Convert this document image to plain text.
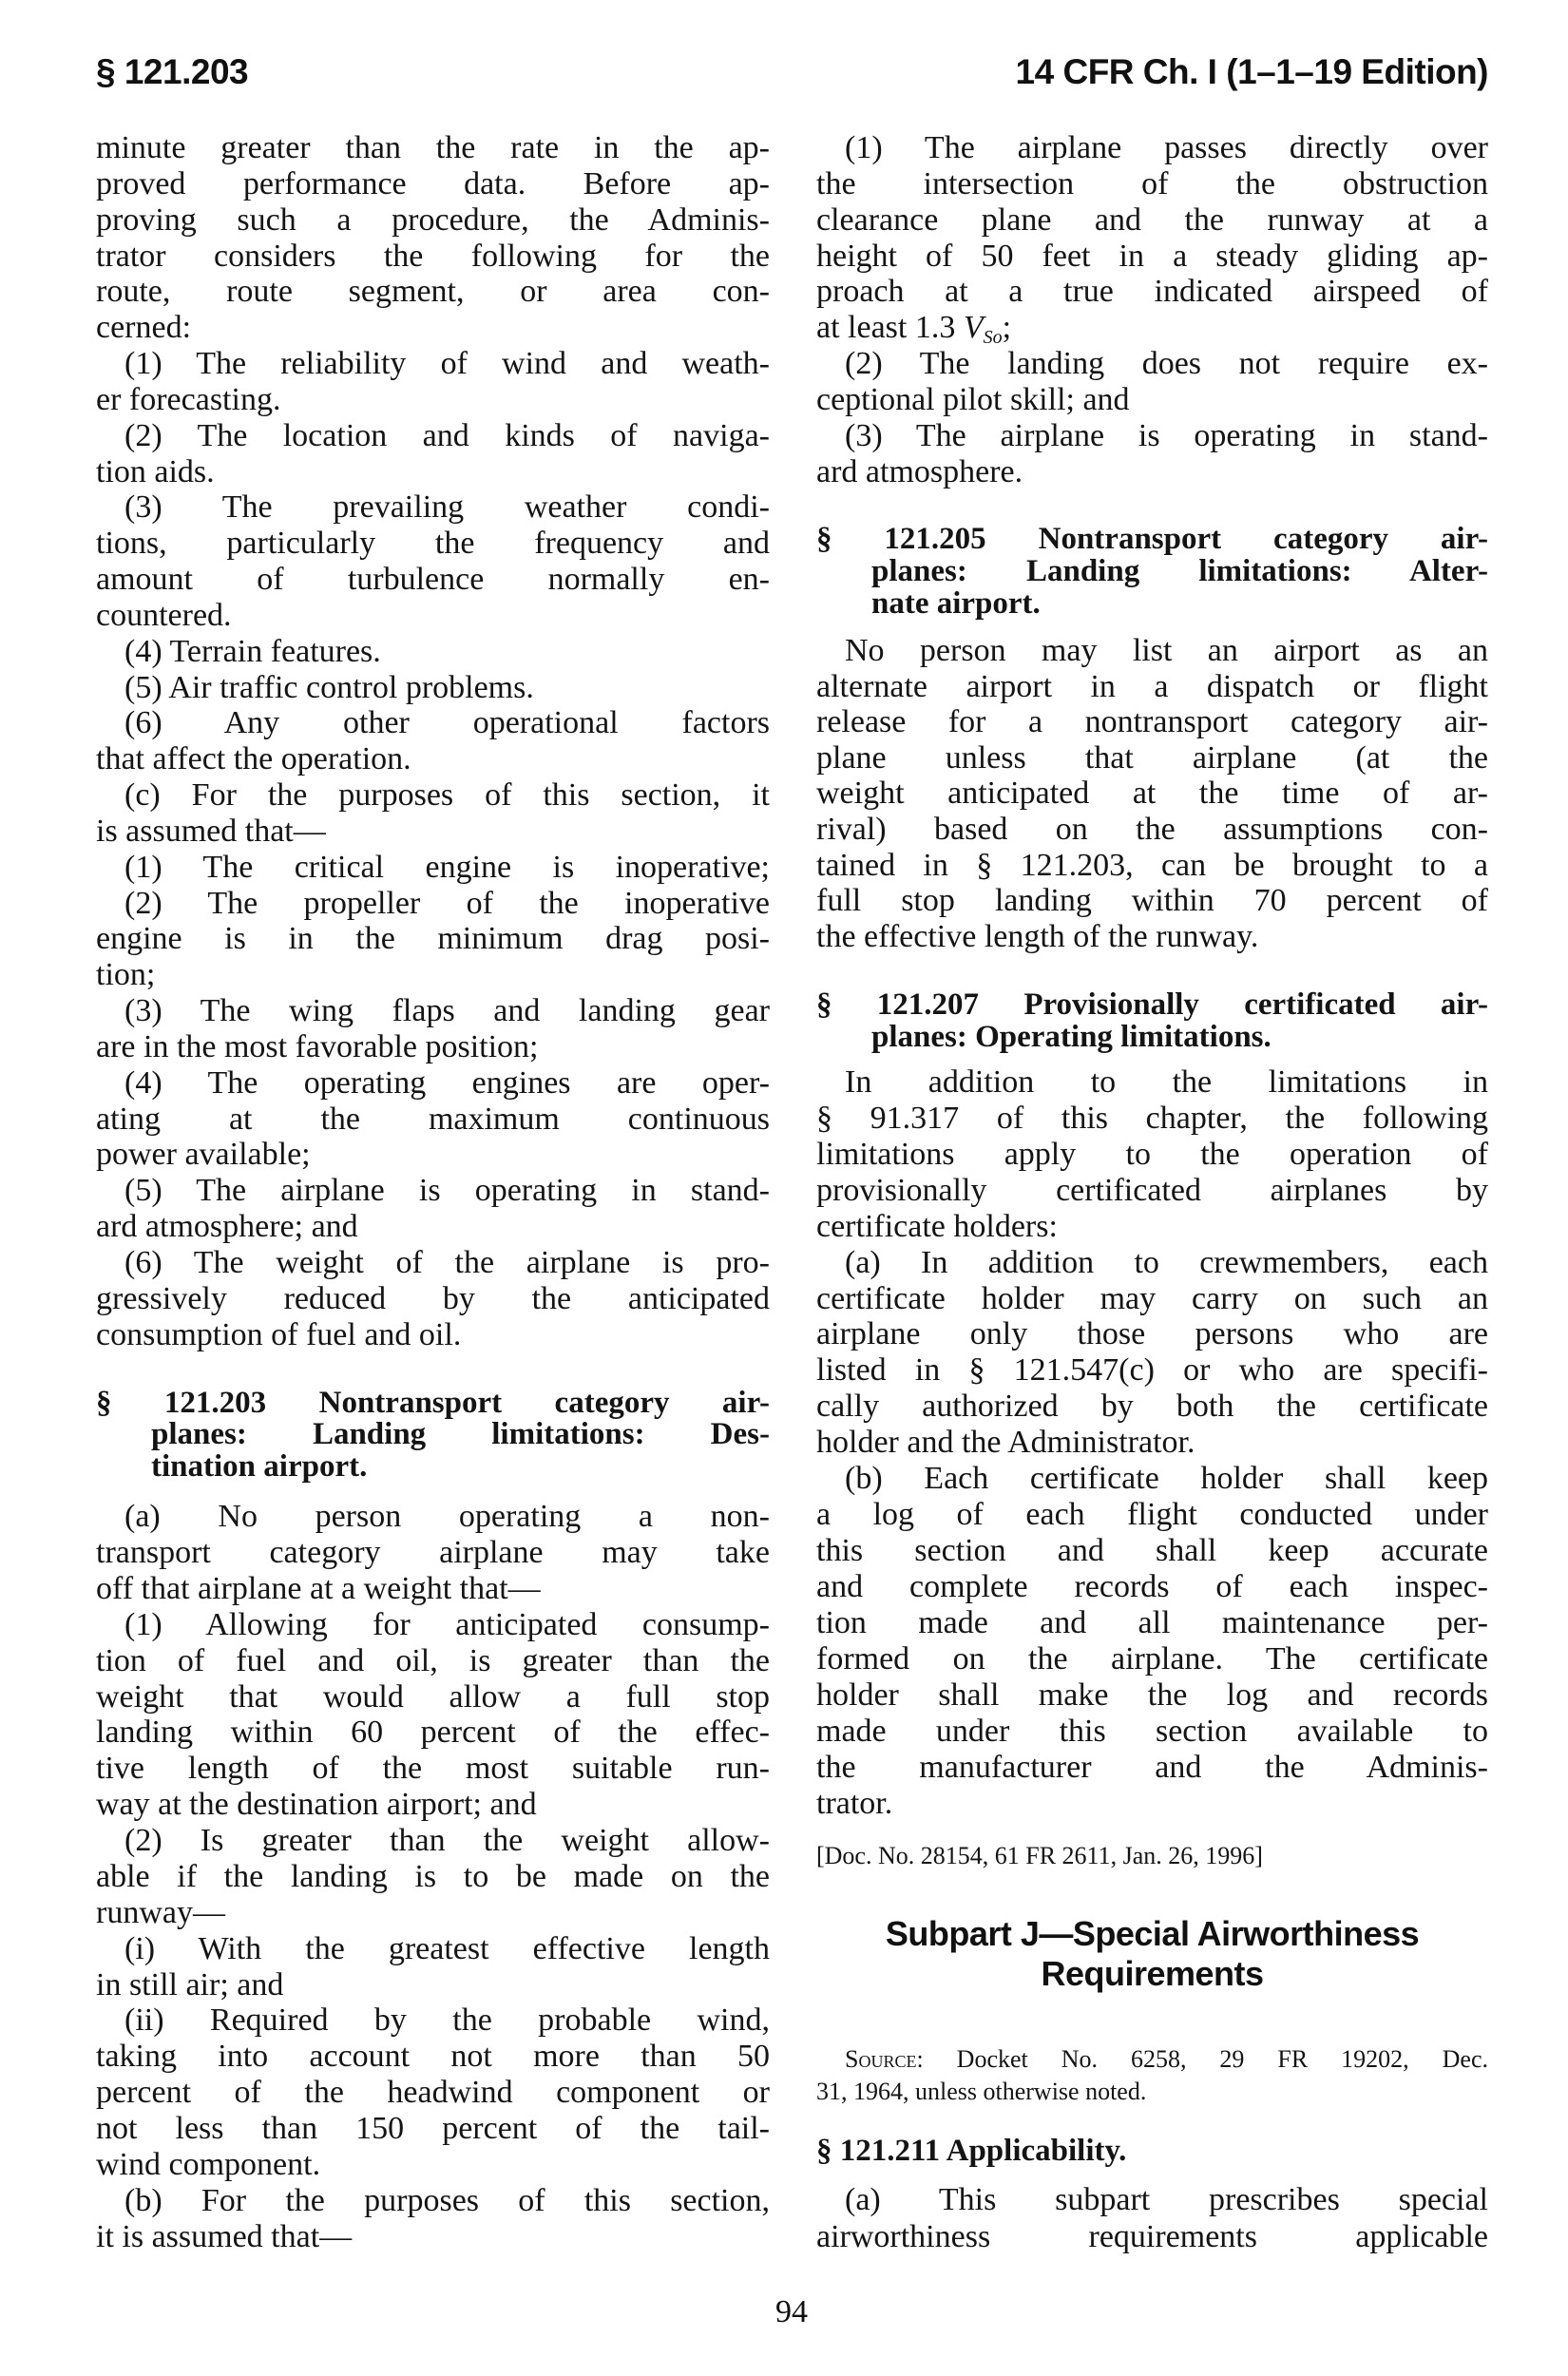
§ 121.203	14 CFR Ch. I (1–1–19 Edition)
minute greater than the rate in the ap-
proved performance data. Before ap-
proving such a procedure, the Adminis-
trator considers the following for the
route, route segment, or area con-
cerned:
(1) The reliability of wind and weath-
er forecasting.
(2) The location and kinds of naviga-
tion aids.
(3) The prevailing weather condi-
tions, particularly the frequency and
amount of turbulence normally en-
countered.
(4) Terrain features.
(5) Air traffic control problems.
(6) Any other operational factors
that affect the operation.
(c) For the purposes of this section, it
is assumed that—
(1) The critical engine is inoperative;
(2) The propeller of the inoperative
engine is in the minimum drag posi-
tion;
(3) The wing flaps and landing gear
are in the most favorable position;
(4) The operating engines are oper-
ating at the maximum continuous
power available;
(5) The airplane is operating in stand-
ard atmosphere; and
(6) The weight of the airplane is pro-
gressively reduced by the anticipated
consumption of fuel and oil.
§ 121.203 Nontransport category air-
planes: Landing limitations: Des-
tination airport.
(a) No person operating a non-
transport category airplane may take
off that airplane at a weight that—
(1) Allowing for anticipated consump-
tion of fuel and oil, is greater than the
weight that would allow a full stop
landing within 60 percent of the effec-
tive length of the most suitable run-
way at the destination airport; and
(2) Is greater than the weight allow-
able if the landing is to be made on the
runway—
(i) With the greatest effective length
in still air; and
(ii) Required by the probable wind,
taking into account not more than 50
percent of the headwind component or
not less than 150 percent of the tail-
wind component.
(b) For the purposes of this section,
it is assumed that—
(1) The airplane passes directly over
the intersection of the obstruction
clearance plane and the runway at a
height of 50 feet in a steady gliding ap-
proach at a true indicated airspeed of
at least 1.3 $V_{So}$;
(2) The landing does not require ex-
ceptional pilot skill; and
(3) The airplane is operating in stand-
ard atmosphere.
§ 121.205 Nontransport category air-
planes: Landing limitations: Alter-
nate airport.
No person may list an airport as an
alternate airport in a dispatch or flight
release for a nontransport category air-
plane unless that airplane (at the
weight anticipated at the time of ar-
rival) based on the assumptions con-
tained in § 121.203, can be brought to a
full stop landing within 70 percent of
the effective length of the runway.
§ 121.207 Provisionally certificated air-
planes: Operating limitations.
In addition to the limitations in
§ 91.317 of this chapter, the following
limitations apply to the operation of
provisionally certificated airplanes by
certificate holders:
(a) In addition to crewmembers, each
certificate holder may carry on such an
airplane only those persons who are
listed in § 121.547(c) or who are specifi-
cally authorized by both the certificate
holder and the Administrator.
(b) Each certificate holder shall keep
a log of each flight conducted under
this section and shall keep accurate
and complete records of each inspec-
tion made and all maintenance per-
formed on the airplane. The certificate
holder shall make the log and records
made under this section available to
the manufacturer and the Adminis-
trator.
[Doc. No. 28154, 61 FR 2611, Jan. 26, 1996]
Subpart J—Special Airworthiness
Requirements
Source: Docket No. 6258, 29 FR 19202, Dec.
31, 1964, unless otherwise noted.
§ 121.211 Applicability.
(a) This subpart prescribes special
airworthiness requirements applicable
94
